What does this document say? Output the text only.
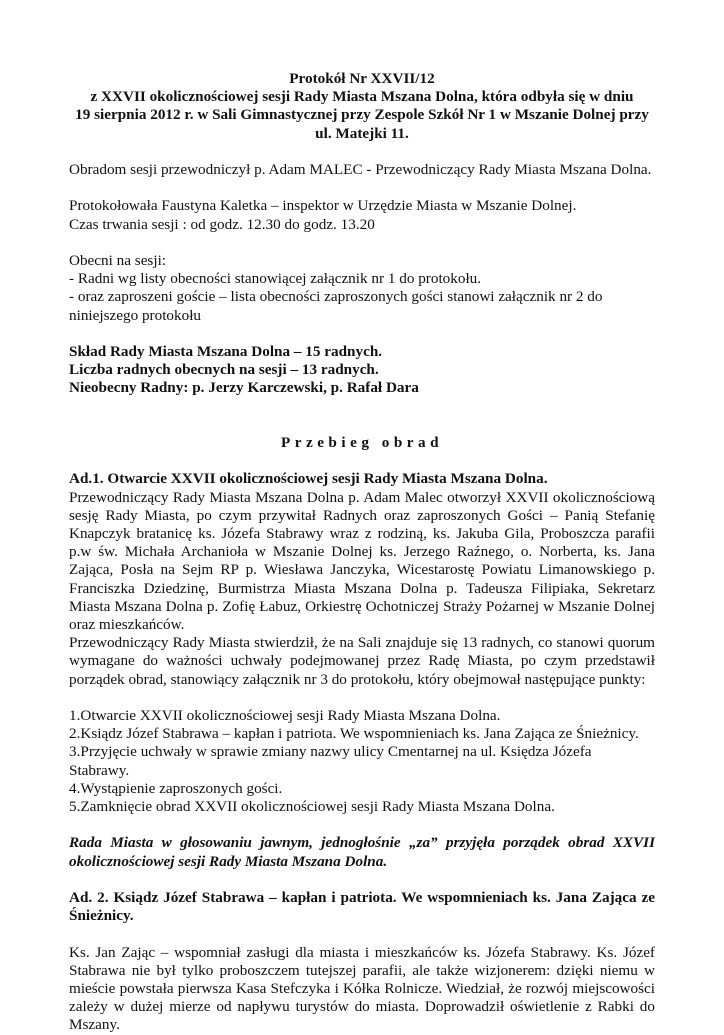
Protokół Nr XXVII/12

z XXVII okolicznościowej sesji Rady Miasta Mszana Dolna, która odbyła się w dniu

19 sierpnia 2012 r. w Sali Gimnastycznej przy Zespole Szkół Nr 1 w Mszanie Dolnej przy

ul. Matejki 11.

Obradom sesji przewodniczył p. Adam MALEC - Przewodniczący Rady Miasta Mszana Dolna.

Protokołowała Faustyna Kaletka – inspektor w Urzędzie Miasta w Mszanie Dolnej.

Czas trwania sesji : od godz. 12.30 do godz. 13.20

Obecni na sesji:

- Radni wg listy obecności stanowiącej załącznik nr 1 do protokołu.

- oraz zaproszeni goście – lista obecności zaproszonych gości stanowi załącznik nr 2 do niniejszego protokołu

Skład Rady Miasta Mszana Dolna – 15 radnych.

Liczba radnych obecnych na sesji – 13 radnych.

Nieobecny Radny: p. Jerzy Karczewski, p. Rafał Dara

Przebieg obrad

Ad.1. Otwarcie XXVII okolicznościowej sesji Rady Miasta Mszana Dolna.

Przewodniczący Rady Miasta Mszana Dolna p. Adam Malec otworzył XXVII okolicznościową sesję Rady Miasta, po czym przywitał Radnych oraz zaproszonych Gości – Panią Stefanię Knapczyk bratanicę ks. Józefa Stabrawy wraz z rodziną, ks. Jakuba Gila, Proboszcza parafii p.w św. Michała Archanioła w Mszanie Dolnej ks. Jerzego Raźnego, o. Norberta, ks. Jana Zająca, Posła na Sejm RP p. Wiesława Janczyka, Wicestarostę Powiatu Limanowskiego p. Franciszka Dziedzinę, Burmistrza Miasta Mszana Dolna p. Tadeusza Filipiaka, Sekretarz Miasta Mszana Dolna p. Zofię Łabuz, Orkiestrę Ochotniczej Straży Pożarnej w Mszanie Dolnej oraz mieszkańców.

Przewodniczący Rady Miasta stwierdził, że na Sali znajduje się 13 radnych, co stanowi quorum wymagane do ważności uchwały podejmowanej przez Radę Miasta, po czym przedstawił porządek obrad, stanowiący załącznik nr 3 do protokołu, który obejmował następujące punkty:

1.Otwarcie XXVII okolicznościowej sesji Rady Miasta Mszana Dolna.

2.Ksiądz Józef Stabrawa – kapłan i patriota. We wspomnieniach ks. Jana Zająca ze Śnieżnicy.

3.Przyjęcie uchwały w sprawie zmiany nazwy ulicy Cmentarnej na ul. Księdza Józefa

Stabrawy.

4.Wystąpienie zaproszonych gości.

5.Zamknięcie obrad XXVII okolicznościowej sesji Rady Miasta Mszana Dolna.

Rada Miasta w głosowaniu jawnym, jednogłośnie „za” przyjęła porządek obrad XXVII okolicznościowej sesji Rady Miasta Mszana Dolna.

Ad. 2. Ksiądz Józef Stabrawa – kapłan i patriota. We wspomnieniach ks. Jana Zająca ze Śnieżnicy.

Ks. Jan Zając – wspomniał zasługi dla miasta i mieszkańców ks. Józefa Stabrawy. Ks. Józef Stabrawa nie był tylko proboszczem tutejszej parafii, ale także wizjonerem: dzięki niemu w mieście powstała pierwsza Kasa Stefczyka i Kółka Rolnicze. Wiedział, że rozwój miejscowości zależy w dużej mierze od napływu turystów do miasta. Doprowadził oświetlenie z Rabki do Mszany.
